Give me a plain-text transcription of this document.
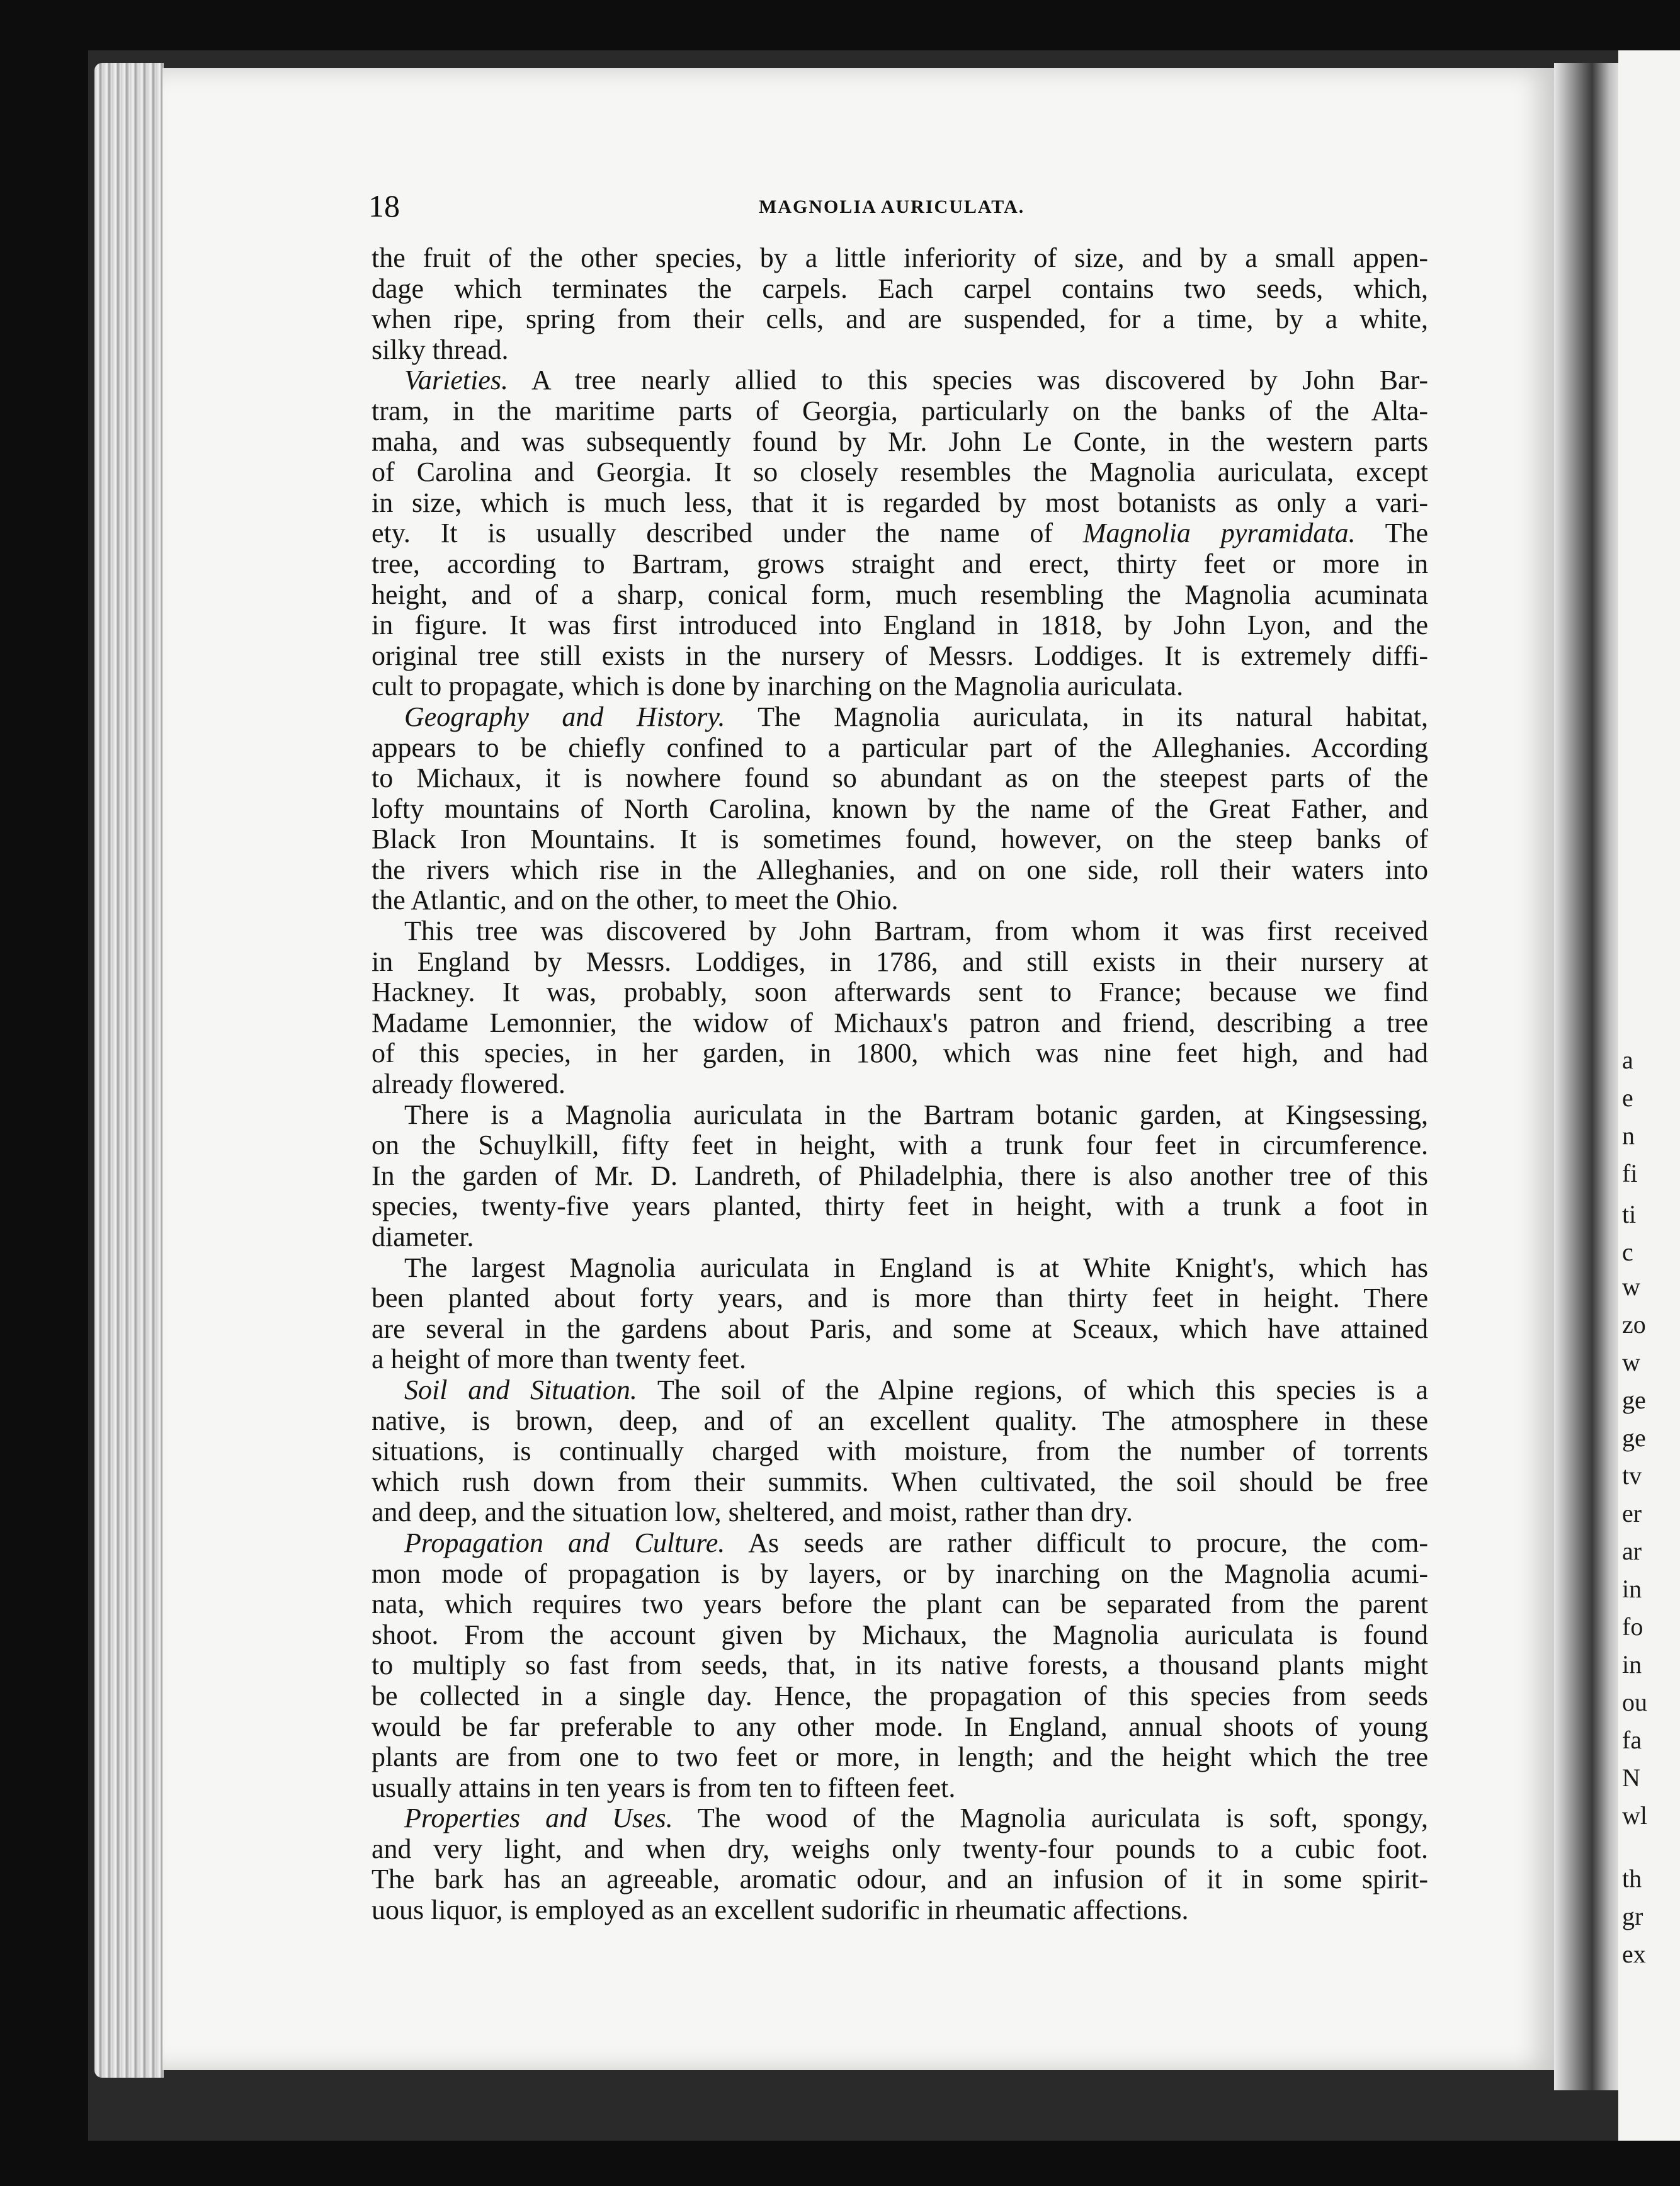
a
e
n
fi
ti
c
w
zo
w
ge
ge
tv
er
ar
in
fo
in
ou
fa
N
wl
th
gr
ex
18	MAGNOLIA AURICULATA.
the fruit of the other species, by a little inferiority of size, and by a small appen-
dage which terminates the carpels. Each carpel contains two seeds, which,
when ripe, spring from their cells, and are suspended, for a time, by a white,
silky thread.
Varieties. A tree nearly allied to this species was discovered by John Bar-
tram, in the maritime parts of Georgia, particularly on the banks of the Alta-
maha, and was subsequently found by Mr. John Le Conte, in the western parts
of Carolina and Georgia. It so closely resembles the Magnolia auriculata, except
in size, which is much less, that it is regarded by most botanists as only a vari-
ety. It is usually described under the name of Magnolia pyramidata. The
tree, according to Bartram, grows straight and erect, thirty feet or more in
height, and of a sharp, conical form, much resembling the Magnolia acuminata
in figure. It was first introduced into England in 1818, by John Lyon, and the
original tree still exists in the nursery of Messrs. Loddiges. It is extremely diffi-
cult to propagate, which is done by inarching on the Magnolia auriculata.
Geography and History. The Magnolia auriculata, in its natural habitat,
appears to be chiefly confined to a particular part of the Alleghanies. According
to Michaux, it is nowhere found so abundant as on the steepest parts of the
lofty mountains of North Carolina, known by the name of the Great Father, and
Black Iron Mountains. It is sometimes found, however, on the steep banks of
the rivers which rise in the Alleghanies, and on one side, roll their waters into
the Atlantic, and on the other, to meet the Ohio.
This tree was discovered by John Bartram, from whom it was first received
in England by Messrs. Loddiges, in 1786, and still exists in their nursery at
Hackney. It was, probably, soon afterwards sent to France; because we find
Madame Lemonnier, the widow of Michaux's patron and friend, describing a tree
of this species, in her garden, in 1800, which was nine feet high, and had
already flowered.
There is a Magnolia auriculata in the Bartram botanic garden, at Kingsessing,
on the Schuylkill, fifty feet in height, with a trunk four feet in circumference.
In the garden of Mr. D. Landreth, of Philadelphia, there is also another tree of this
species, twenty-five years planted, thirty feet in height, with a trunk a foot in
diameter.
The largest Magnolia auriculata in England is at White Knight's, which has
been planted about forty years, and is more than thirty feet in height. There
are several in the gardens about Paris, and some at Sceaux, which have attained
a height of more than twenty feet.
Soil and Situation. The soil of the Alpine regions, of which this species is a
native, is brown, deep, and of an excellent quality. The atmosphere in these
situations, is continually charged with moisture, from the number of torrents
which rush down from their summits. When cultivated, the soil should be free
and deep, and the situation low, sheltered, and moist, rather than dry.
Propagation and Culture. As seeds are rather difficult to procure, the com-
mon mode of propagation is by layers, or by inarching on the Magnolia acumi-
nata, which requires two years before the plant can be separated from the parent
shoot. From the account given by Michaux, the Magnolia auriculata is found
to multiply so fast from seeds, that, in its native forests, a thousand plants might
be collected in a single day. Hence, the propagation of this species from seeds
would be far preferable to any other mode. In England, annual shoots of young
plants are from one to two feet or more, in length; and the height which the tree
usually attains in ten years is from ten to fifteen feet.
Properties and Uses. The wood of the Magnolia auriculata is soft, spongy,
and very light, and when dry, weighs only twenty-four pounds to a cubic foot.
The bark has an agreeable, aromatic odour, and an infusion of it in some spirit-
uous liquor, is employed as an excellent sudorific in rheumatic affections.
